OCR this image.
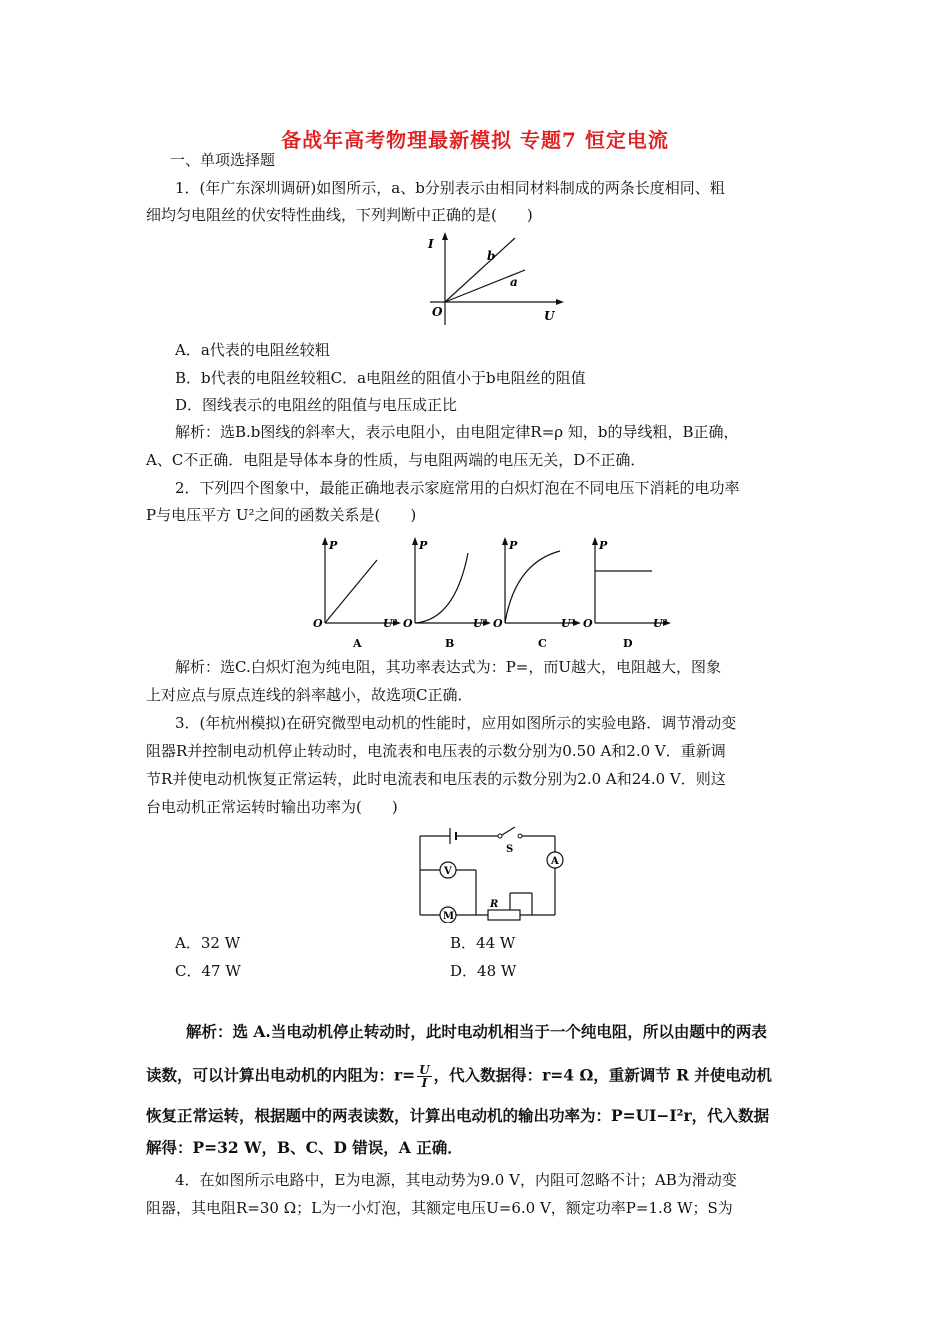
备战年高考物理最新模拟 专题7 恒定电流
一、单项选择题
1．(年广东深圳调研)如图所示，a、b分别表示由相同材料制成的两条长度相同、粗
细均匀电阻丝的伏安特性曲线，下列判断中正确的是(　　)
I
U
O
b
a
A．a代表的电阻丝较粗
B．b代表的电阻丝较粗C．a电阻丝的阻值小于b电阻丝的阻值
D．图线表示的电阻丝的阻值与电压成正比
解析：选B.b图线的斜率大，表示电阻小，由电阻定律R=ρ 知，b的导线粗，B正确，
A、C不正确．电阻是导体本身的性质，与电阻两端的电压无关，D不正确．
2．下列四个图象中，最能正确地表示家庭常用的白炽灯泡在不同电压下消耗的电功率
P与电压平方 U²之间的函数关系是(　　)
P
O	U²
A
P
O	U²
B
P
O	U²
C
P
O	U²
D
解析：选C.白炽灯泡为纯电阻，其功率表达式为：P=，而U越大，电阻越大，图象
上对应点与原点连线的斜率越小，故选项C正确．
3．(年杭州模拟)在研究微型电动机的性能时，应用如图所示的实验电路．调节滑动变
阻器R并控制电动机停止转动时，电流表和电压表的示数分别为0.50 A和2.0 V．重新调
节R并使电动机恢复正常运转，此时电流表和电压表的示数分别为2.0 A和24.0 V．则这
台电动机正常运转时输出功率为(　　)
S
A
V
M
R
A．32 W	B．44 W
C．47 W	D．48 W
解析：选 A.当电动机停止转动时，此时电动机相当于一个纯电阻，所以由题中的两表
读数，可以计算出电动机的内阻为：$r= \frac{U}{I}$ ，代入数据得：r=4 Ω，重新调节 R 并使电动机
恢复正常运转，根据题中的两表读数，计算出电动机的输出功率为：P=UI−I²r，代入数据
解得：P=32 W，B、C、D 错误，A 正确．
4．在如图所示电路中，E为电源，其电动势为9.0 V，内阻可忽略不计；AB为滑动变
阻器，其电阻R=30 Ω；L为一小灯泡，其额定电压U=6.0 V，额定功率P=1.8 W；S为
